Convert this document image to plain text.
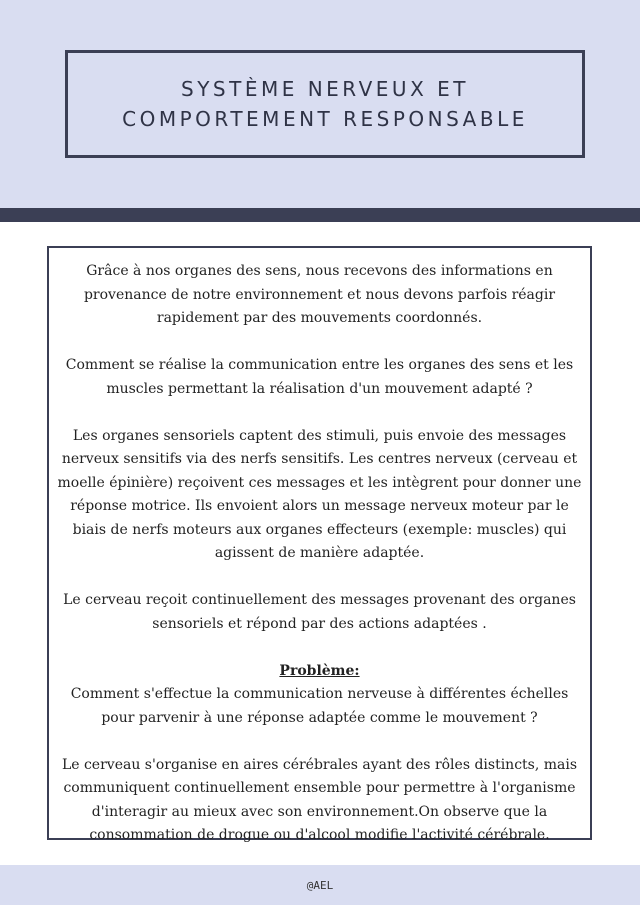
SYSTÈME NERVEUX ET
COMPORTEMENT RESPONSABLE

Grâce à nos organes des sens, nous recevons des informations en provenance de notre environnement et nous devons parfois réagir rapidement par des mouvements coordonnés.

Comment se réalise la communication entre les organes des sens et les muscles permettant la réalisation d'un mouvement adapté ?

Les organes sensoriels captent des stimuli, puis envoie des messages nerveux sensitifs via des nerfs sensitifs. Les centres nerveux (cerveau et moelle épinière) reçoivent ces messages et les intègrent pour donner une réponse motrice. Ils envoient alors un message nerveux moteur par le biais de nerfs moteurs aux organes effecteurs (exemple: muscles) qui agissent de manière adaptée.

Le cerveau reçoit continuellement des messages provenant des organes sensoriels et répond par des actions adaptées .

Problème:
Comment s'effectue la communication nerveuse à différentes échelles pour parvenir à une réponse adaptée comme le mouvement ?

Le cerveau s'organise en aires cérébrales ayant des rôles distincts, mais communiquent continuellement ensemble pour permettre à l'organisme d'interagir au mieux avec son environnement.On observe que la consommation de drogue ou d'alcool modifie l'activité cérébrale.

@AEL
